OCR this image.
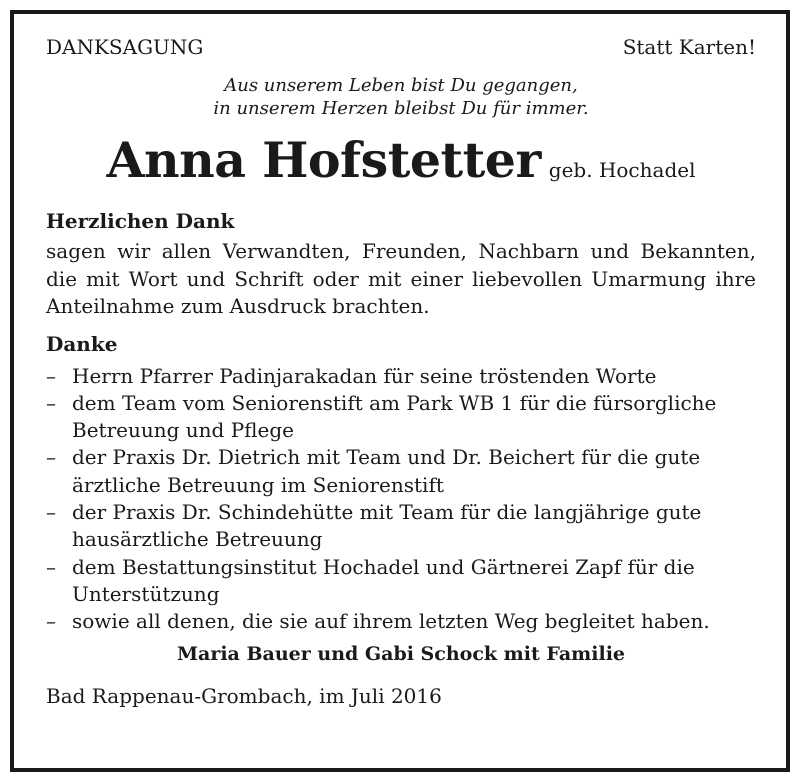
DANKSAGUNG	Statt Karten!
Aus unserem Leben bist Du gegangen,
in unserem Herzen bleibst Du für immer.
Anna Hofstetter geb. Hochadel
Herzlichen Dank
sagen wir allen Verwandten, Freunden, Nachbarn und Bekannten, die mit Wort und Schrift oder mit einer liebevollen Umarmung ihre Anteilnahme zum Ausdruck brachten.
Danke
– Herrn Pfarrer Padinjarakadan für seine tröstenden Worte
– dem Team vom Seniorenstift am Park WB 1 für die fürsorgliche Betreuung und Pflege
– der Praxis Dr. Dietrich mit Team und Dr. Beichert für die gute ärztliche Betreuung im Seniorenstift
– der Praxis Dr. Schindehütte mit Team für die langjährige gute hausärztliche Betreuung
– dem Bestattungsinstitut Hochadel und Gärtnerei Zapf für die Unterstützung
– sowie all denen, die sie auf ihrem letzten Weg begleitet haben.
Maria Bauer und Gabi Schock mit Familie
Bad Rappenau-Grombach, im Juli 2016
